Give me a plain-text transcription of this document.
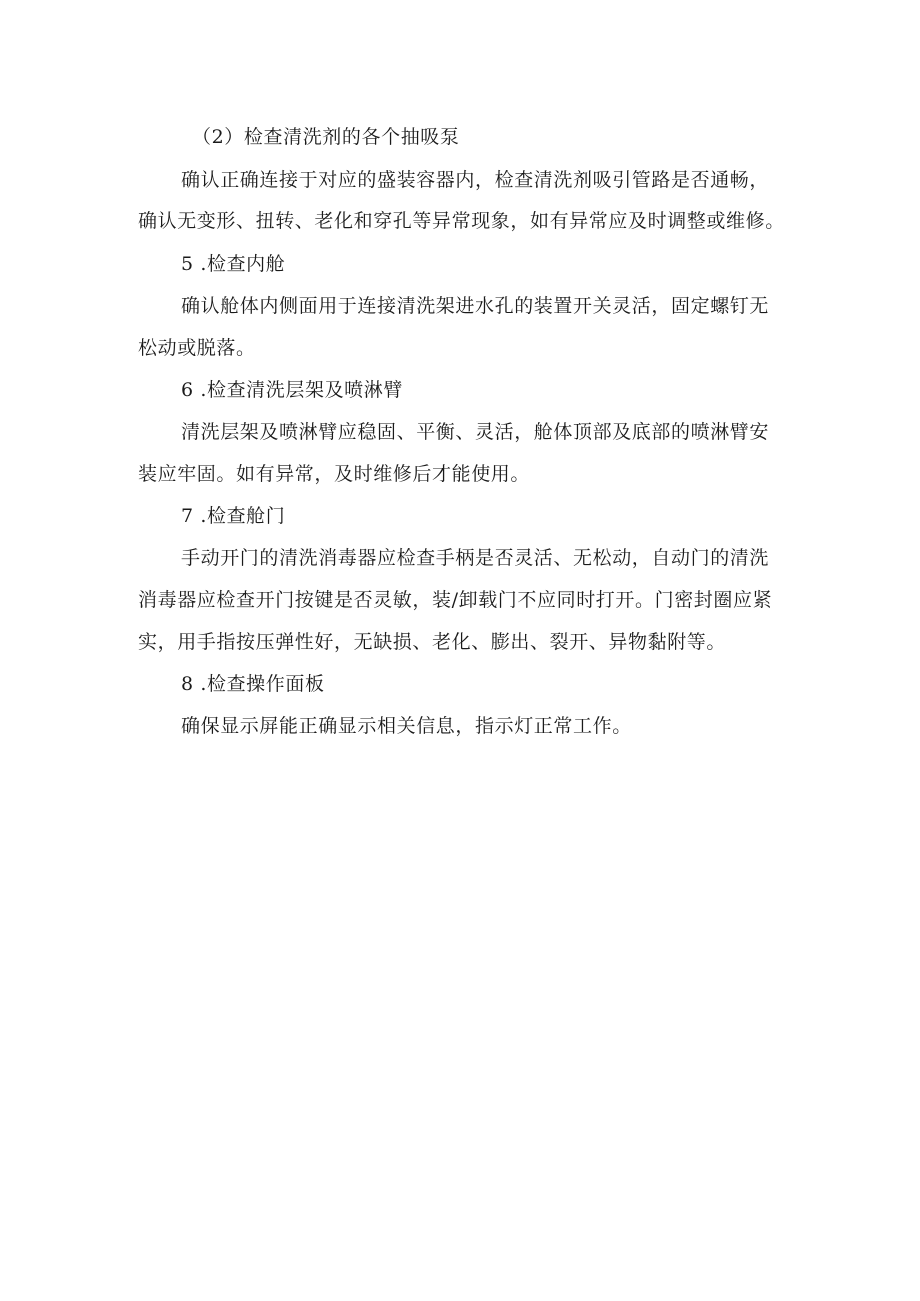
（2）检查清洗剂的各个抽吸泵
确认正确连接于对应的盛装容器内，检查清洗剂吸引管路是否通畅，
确认无变形、扭转、老化和穿孔等异常现象，如有异常应及时调整或维修。
5 .检查内舱
确认舱体内侧面用于连接清洗架进水孔的装置开关灵活，固定螺钉无
松动或脱落。
6 .检查清洗层架及喷淋臂
清洗层架及喷淋臂应稳固、平衡、灵活，舱体顶部及底部的喷淋臂安
装应牢固。如有异常，及时维修后才能使用。
7 .检查舱门
手动开门的清洗消毒器应检查手柄是否灵活、无松动，自动门的清洗
消毒器应检查开门按键是否灵敏，装/卸载门不应同时打开。门密封圈应紧
实，用手指按压弹性好，无缺损、老化、膨出、裂开、异物黏附等。
8 .检查操作面板
确保显示屏能正确显示相关信息，指示灯正常工作。
